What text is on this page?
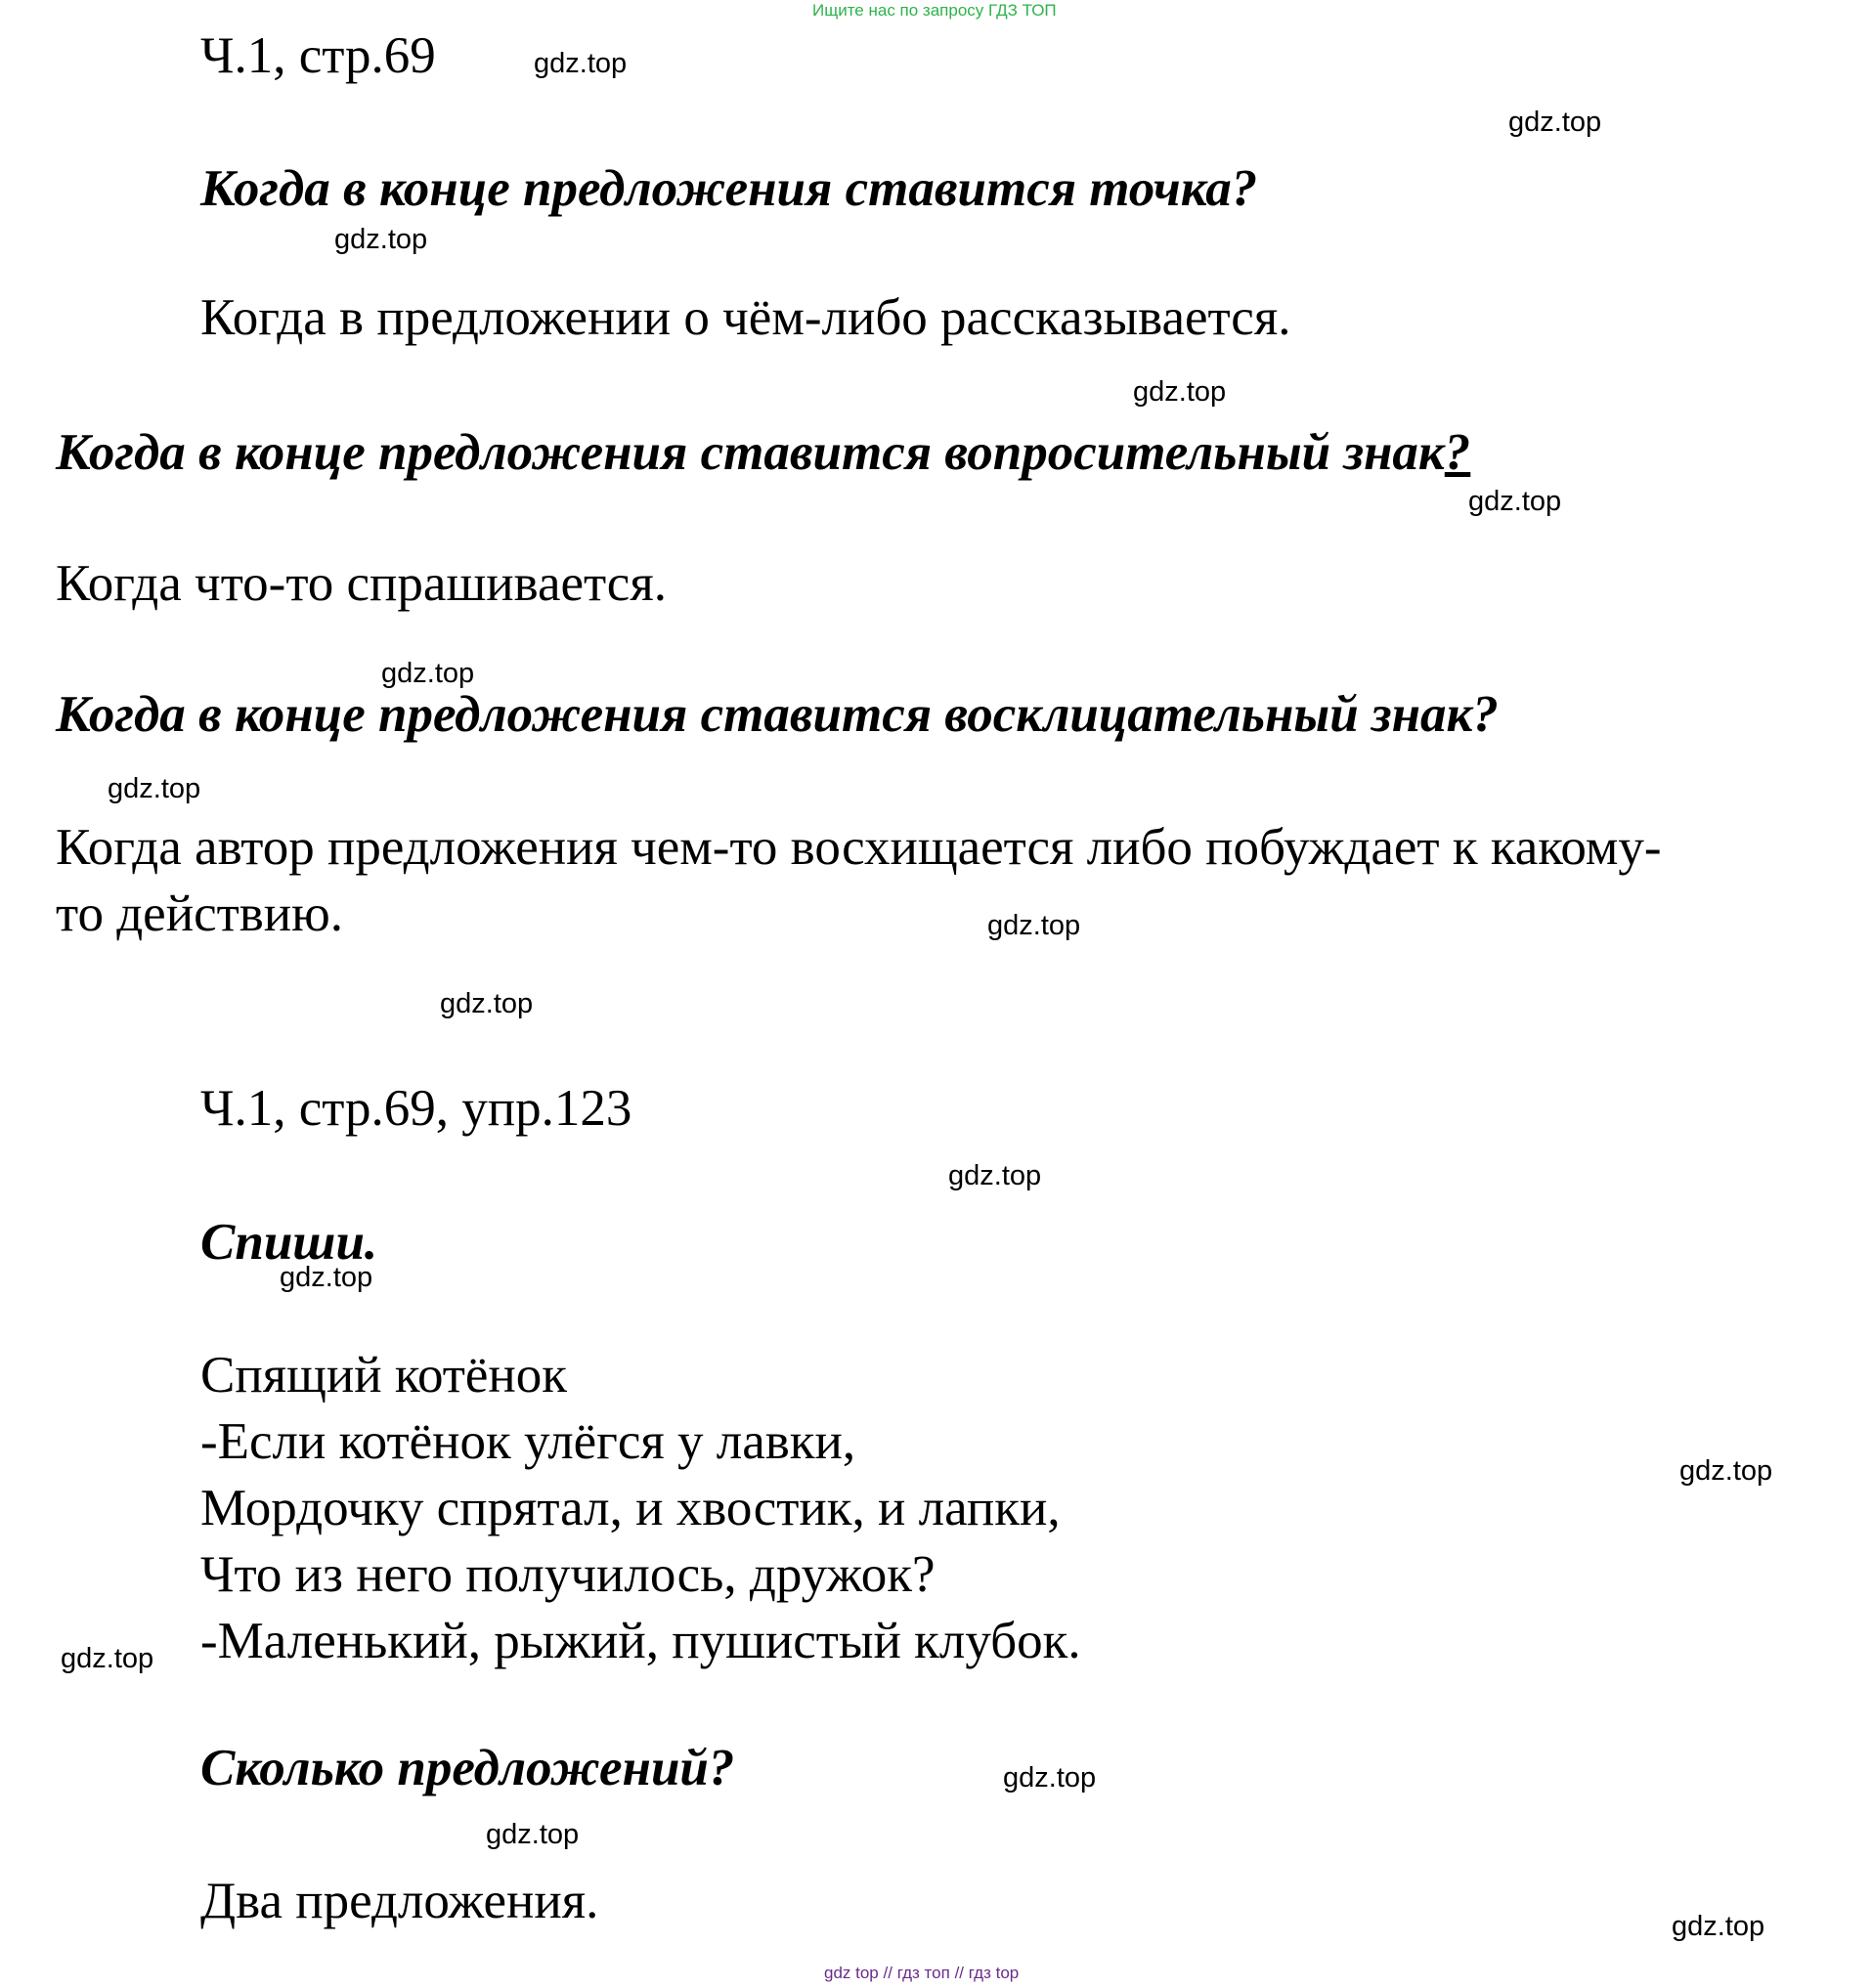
Ищите нас по запросу ГДЗ ТОП
Ч.1, стр.69
Когда в конце предложения ставится точка?
Когда в предложении о чём-либо рассказывается.
Когда в конце предложения ставится вопросительный знак?
Когда что-то спрашивается.
Когда в конце предложения ставится восклицательный знак?
Когда автор предложения чем-то восхищается либо побуждает к какому-
то действию.
Ч.1, стр.69, упр.123
Спиши.
Спящий котёнок
-Если котёнок улёгся у лавки,
Мордочку спрятал, и хвостик, и лапки,
Что из него получилось, дружок?
-Маленький, рыжий, пушистый клубок.
Сколько предложений?
Два предложения.
gdz.top
gdz.top
gdz.top
gdz.top
gdz.top
gdz.top
gdz.top
gdz.top
gdz.top
gdz.top
gdz.top
gdz.top
gdz.top
gdz.top
gdz.top
gdz.top
gdz top // гдз топ // гдз top
